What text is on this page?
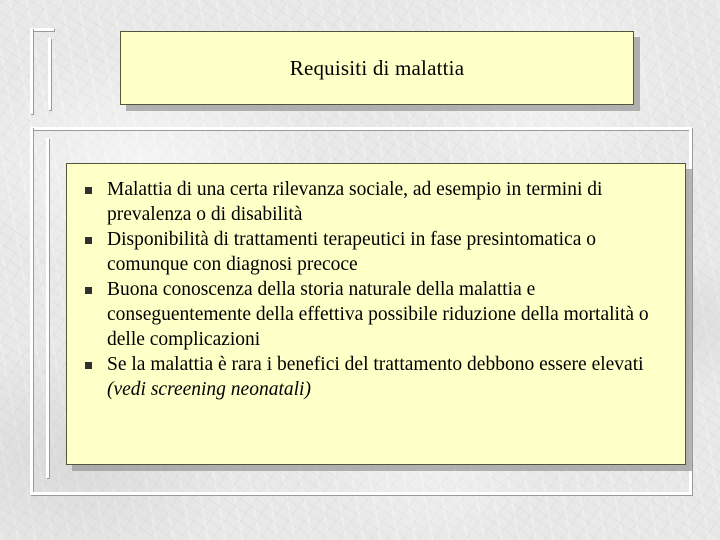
Requisiti di malattia
Malattia di una certa rilevanza sociale, ad esempio in termini di prevalenza o di disabilità
Disponibilità di trattamenti terapeutici in fase presintomatica o comunque con diagnosi precoce
Buona conoscenza della storia naturale della malattia e conseguentemente della effettiva possibile riduzione della mortalità o delle complicazioni
Se la malattia è rara i benefici del trattamento debbono essere elevati (vedi screening neonatali)
